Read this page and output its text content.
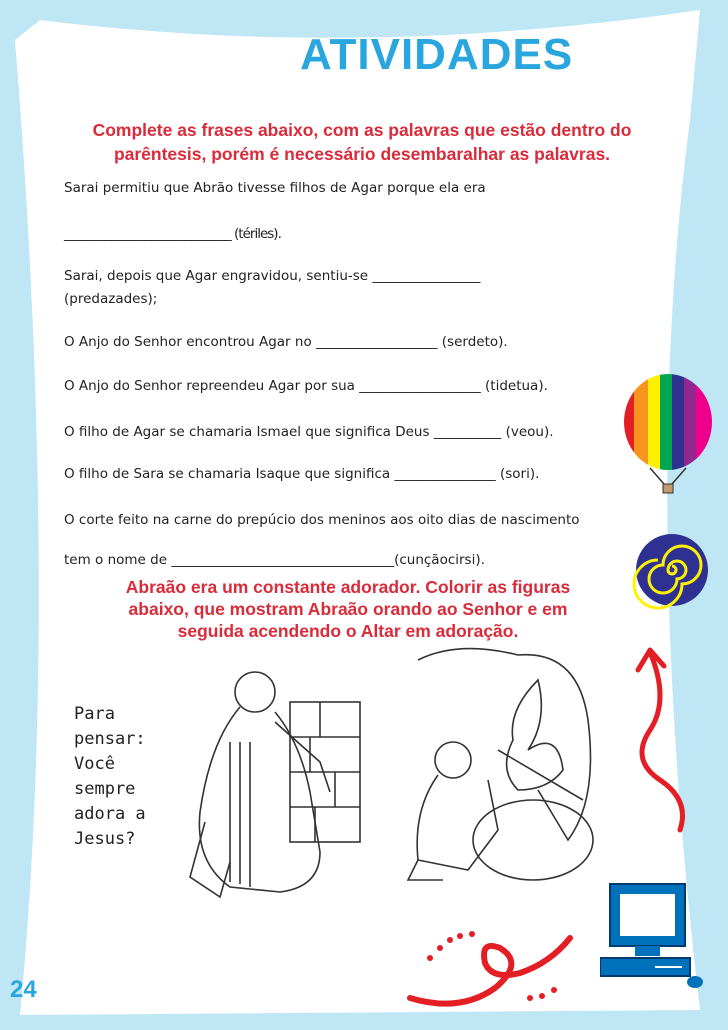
ATIVIDADES
Complete as frases abaixo, com as palavras que estão dentro do parêntesis, porém é necessário desembaralhar as palavras.
Sarai permitiu que Abrão tivesse filhos de Agar porque ela era
_____________________________ (tériles).
Sarai, depois que Agar engravidou, sentiu-se ________________
(predazades);
O Anjo do Senhor encontrou Agar no __________________ (serdeto).
O Anjo do Senhor repreendeu Agar por sua __________________ (tidetua).
O filho de Agar se chamaria Ismael que significa Deus __________ (veou).
O filho de Sara se chamaria Isaque que significa _______________ (sori).
O corte feito na carne do prepúcio dos meninos aos oito dias de nascimento
tem o nome de _________________________________(cunçãocirsi).
Abraão era um constante adorador. Colorir as figuras
abaixo, que mostram Abraão orando ao Senhor e em
seguida acendendo o Altar em adoração.
Para
pensar:
Você
sempre
adora a
Jesus?
24
